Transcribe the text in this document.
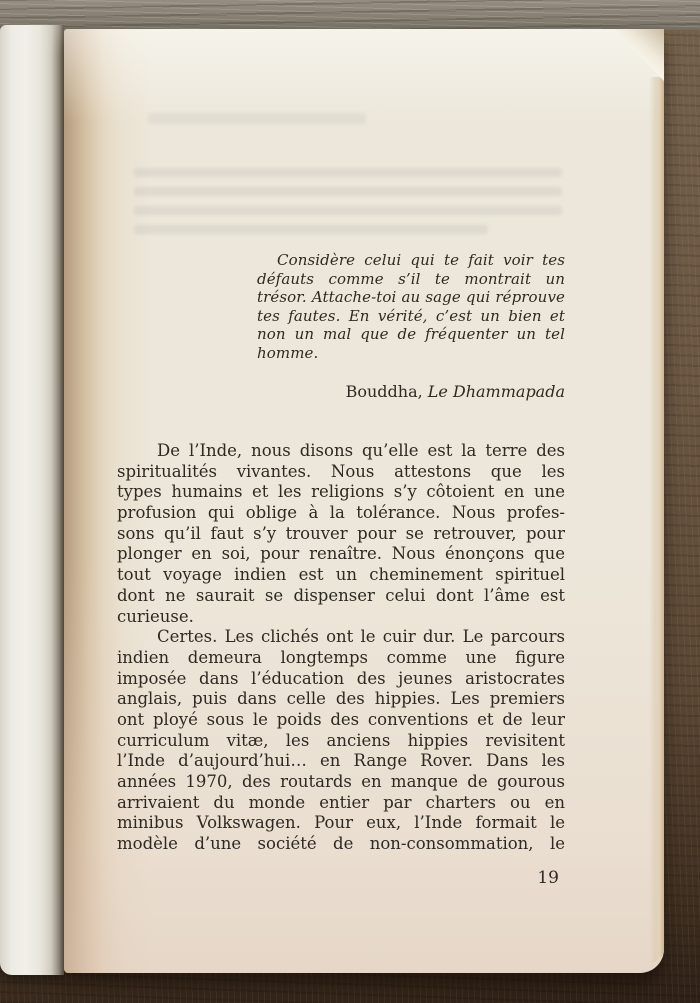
Considère celui qui te fait voir tes
défauts comme s’il te montrait un
trésor. Attache-toi au sage qui réprouve
tes fautes. En vérité, c’est un bien et
non un mal que de fréquenter un tel
homme.
Bouddha, Le Dhammapada
De l’Inde, nous disons qu’elle est la terre des
spiritualités vivantes. Nous attestons que les
types humains et les religions s’y côtoient en une
profusion qui oblige à la tolérance. Nous profes-
sons qu’il faut s’y trouver pour se retrouver, pour
plonger en soi, pour renaître. Nous énonçons que
tout voyage indien est un cheminement spirituel
dont ne saurait se dispenser celui dont l’âme est
curieuse.
Certes. Les clichés ont le cuir dur. Le parcours
indien demeura longtemps comme une figure
imposée dans l’éducation des jeunes aristocrates
anglais, puis dans celle des hippies. Les premiers
ont ployé sous le poids des conventions et de leur
curriculum vitæ, les anciens hippies revisitent
l’Inde d’aujourd’hui… en Range Rover. Dans les
années 1970, des routards en manque de gourous
arrivaient du monde entier par charters ou en
minibus Volkswagen. Pour eux, l’Inde formait le
modèle d’une société de non-consommation, le
19
